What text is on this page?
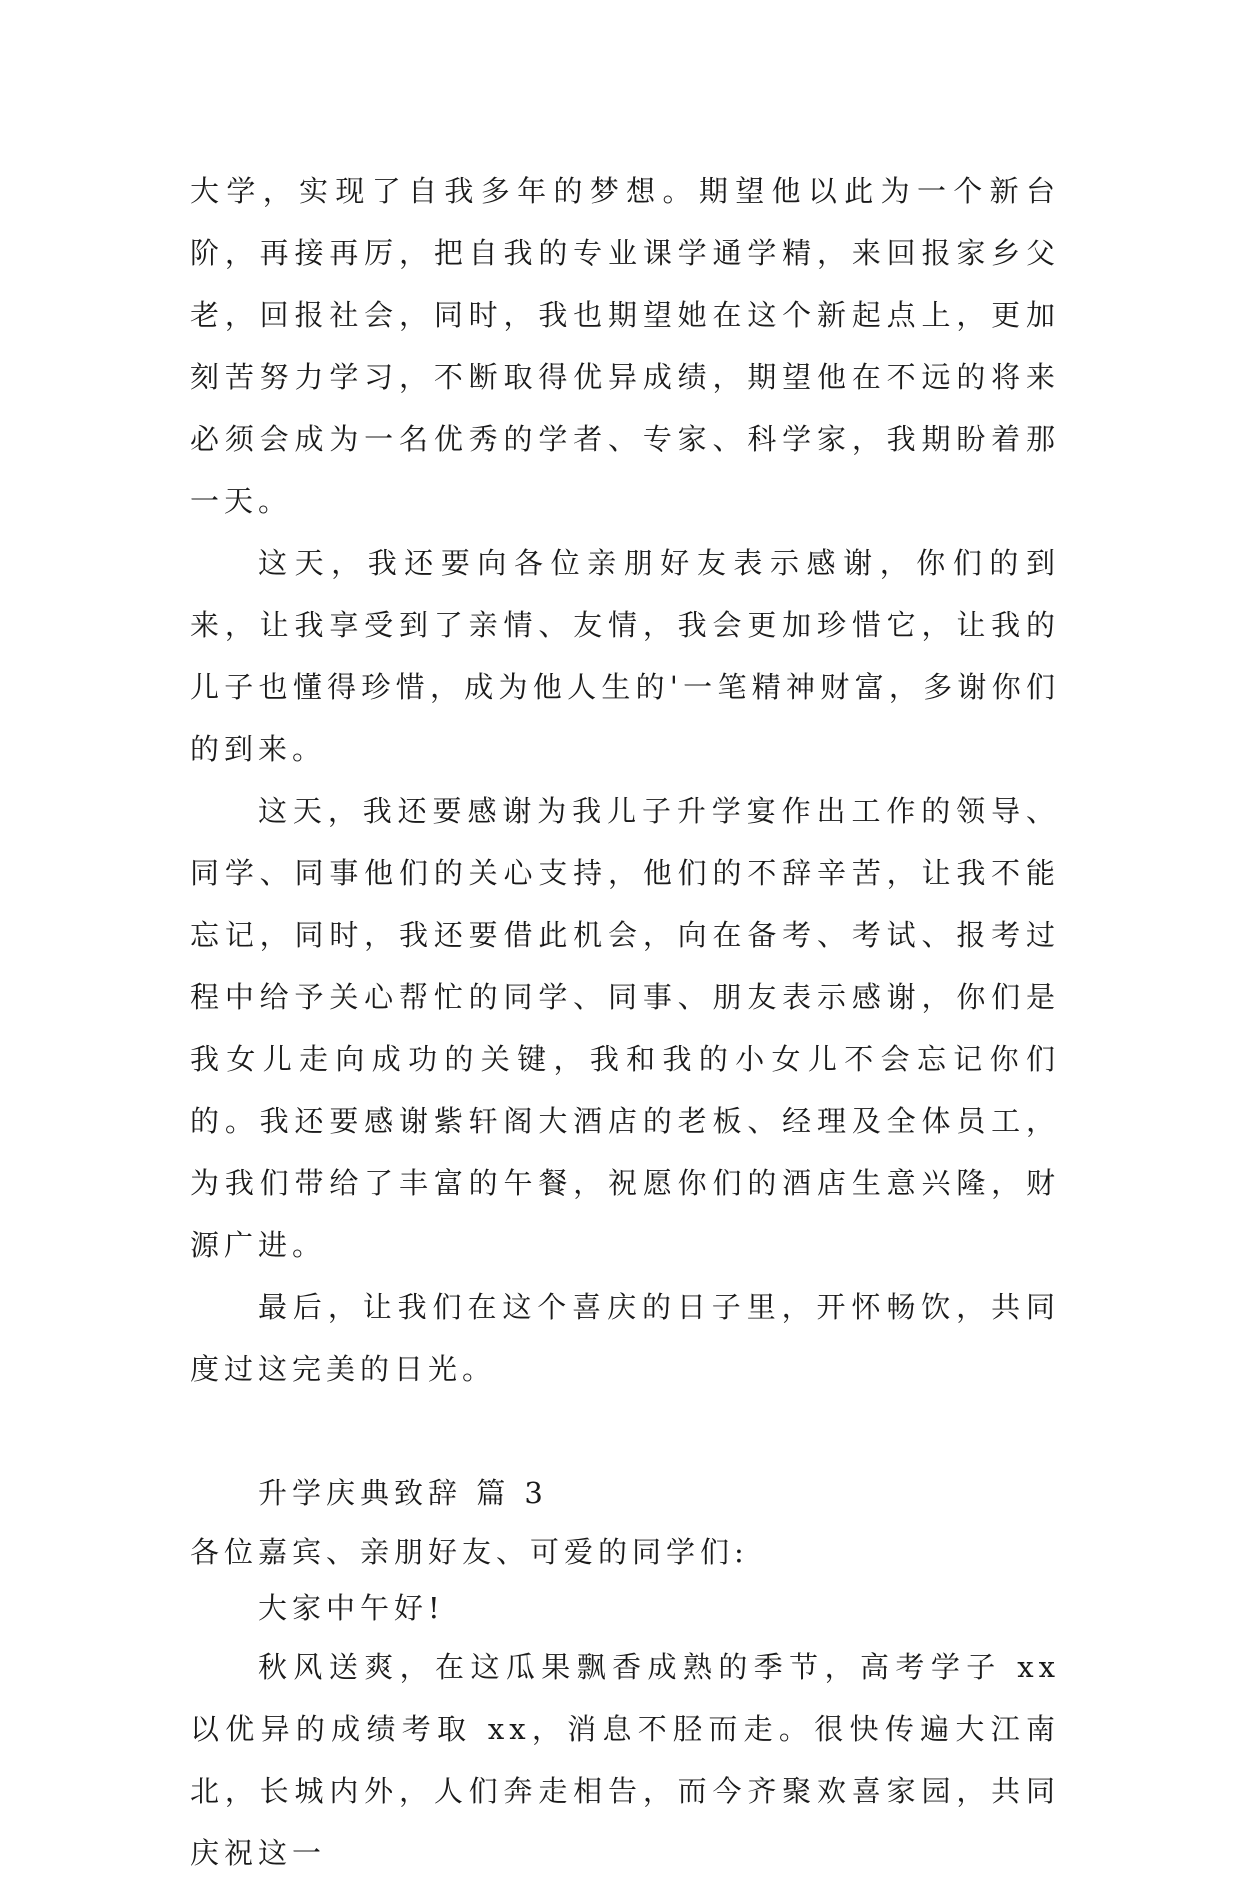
大学，实现了自我多年的梦想。期望他以此为一个新台阶，再接再厉，把自我的专业课学通学精，来回报家乡父老，回报社会，同时，我也期望她在这个新起点上，更加刻苦努力学习，不断取得优异成绩，期望他在不远的将来必须会成为一名优秀的学者、专家、科学家，我期盼着那一天。

这天，我还要向各位亲朋好友表示感谢，你们的到来，让我享受到了亲情、友情，我会更加珍惜它，让我的儿子也懂得珍惜，成为他人生的'一笔精神财富，多谢你们的到来。

这天，我还要感谢为我儿子升学宴作出工作的领导、同学、同事他们的关心支持，他们的不辞辛苦，让我不能忘记，同时，我还要借此机会，向在备考、考试、报考过程中给予关心帮忙的同学、同事、朋友表示感谢，你们是我女儿走向成功的关键，我和我的小女儿不会忘记你们的。我还要感谢紫轩阁大酒店的老板、经理及全体员工，为我们带给了丰富的午餐，祝愿你们的酒店生意兴隆，财源广进。

最后，让我们在这个喜庆的日子里，开怀畅饮，共同度过这完美的日光。

升学庆典致辞 篇 3

各位嘉宾、亲朋好友、可爱的同学们:

大家中午好!

秋风送爽，在这瓜果飘香成熟的季节，高考学子 xx 以优异的成绩考取 xx，消息不胫而走。很快传遍大江南北，长城内外，人们奔走相告，而今齐聚欢喜家园，共同庆祝这一
